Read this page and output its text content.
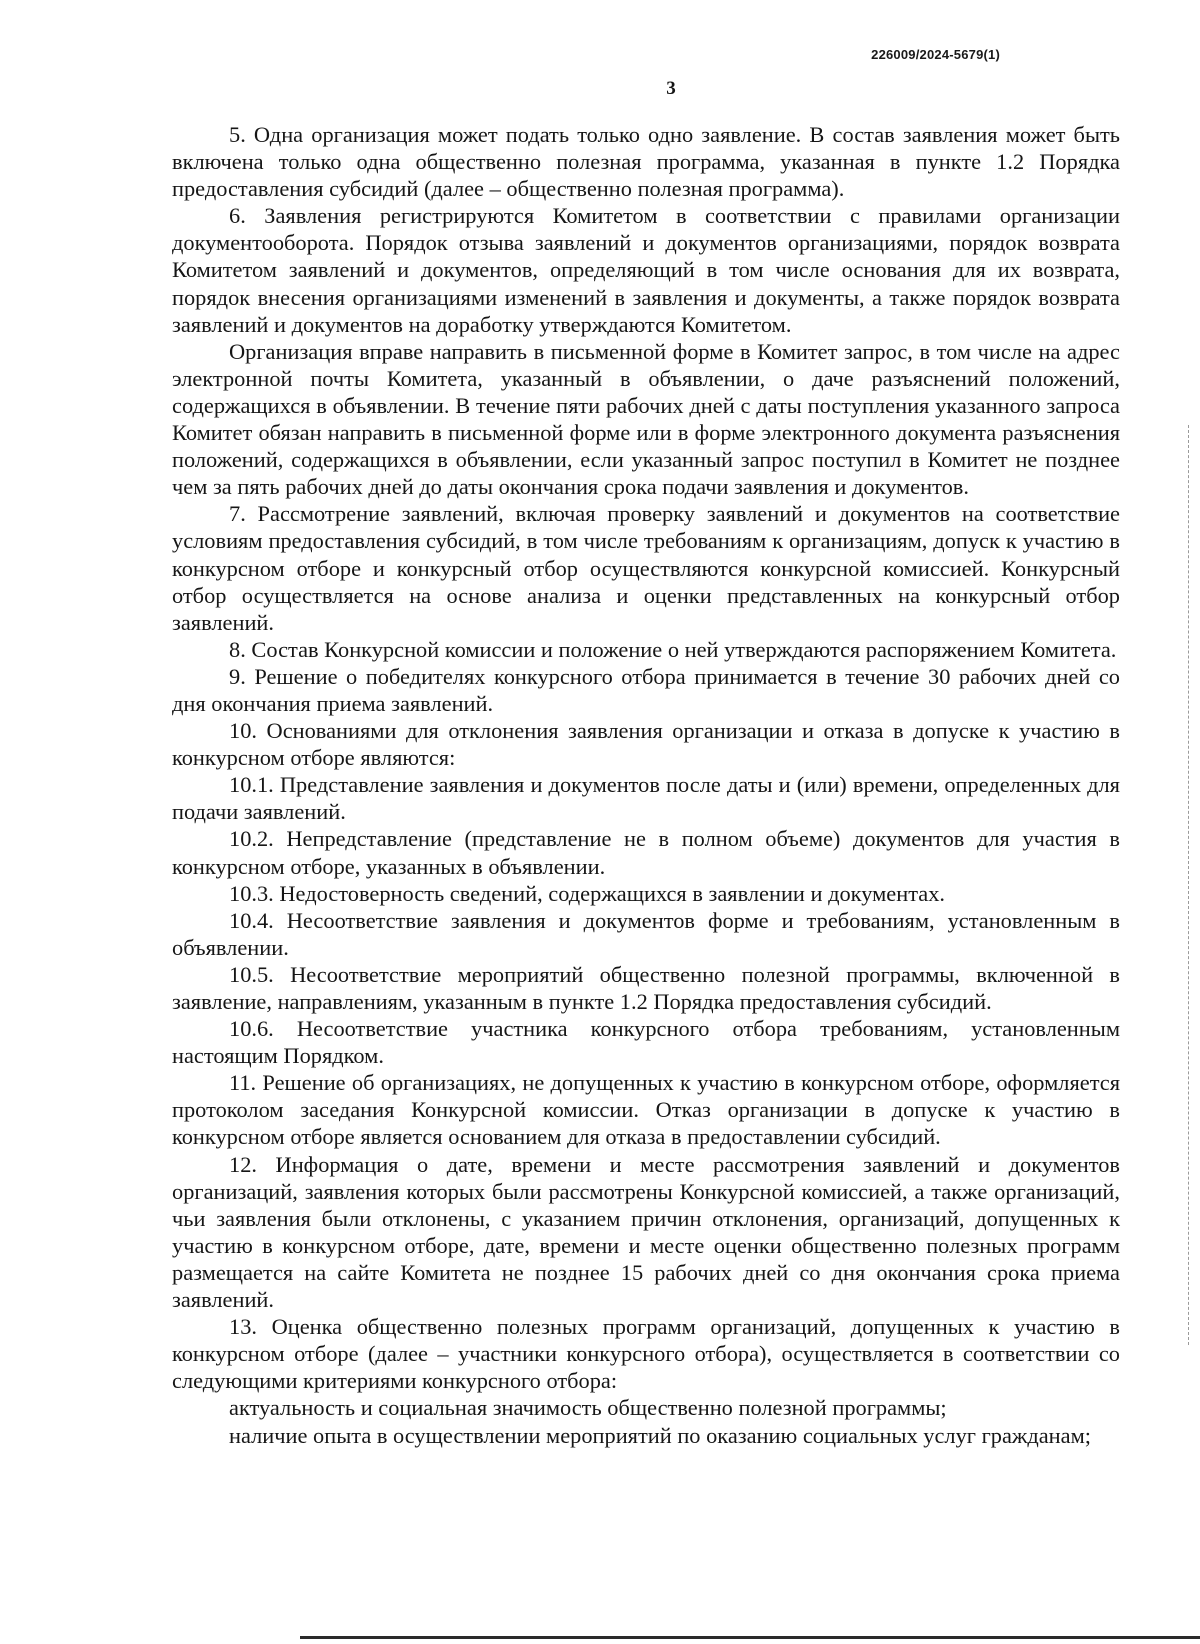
226009/2024-5679(1)
3

5. Одна организация может подать только одно заявление. В состав заявления может быть включена только одна общественно полезная программа, указанная в пункте 1.2 Порядка предоставления субсидий (далее – общественно полезная программа).

6. Заявления регистрируются Комитетом в соответствии с правилами организации документооборота. Порядок отзыва заявлений и документов организациями, порядок возврата Комитетом заявлений и документов, определяющий в том числе основания для их возврата, порядок внесения организациями изменений в заявления и документы, а также порядок возврата заявлений и документов на доработку утверждаются Комитетом.

Организация вправе направить в письменной форме в Комитет запрос, в том числе на адрес электронной почты Комитета, указанный в объявлении, о даче разъяснений положений, содержащихся в объявлении. В течение пяти рабочих дней с даты поступления указанного запроса Комитет обязан направить в письменной форме или в форме электронного документа разъяснения положений, содержащихся в объявлении, если указанный запрос поступил в Комитет не позднее чем за пять рабочих дней до даты окончания срока подачи заявления и документов.

7. Рассмотрение заявлений, включая проверку заявлений и документов на соответствие условиям предоставления субсидий, в том числе требованиям к организациям, допуск к участию в конкурсном отборе и конкурсный отбор осуществляются конкурсной комиссией. Конкурсный отбор осуществляется на основе анализа и оценки представленных на конкурсный отбор заявлений.

8. Состав Конкурсной комиссии и положение о ней утверждаются распоряжением Комитета.

9. Решение о победителях конкурсного отбора принимается в течение 30 рабочих дней со дня окончания приема заявлений.

10. Основаниями для отклонения заявления организации и отказа в допуске к участию в конкурсном отборе являются:

10.1. Представление заявления и документов после даты и (или) времени, определенных для подачи заявлений.

10.2. Непредставление (представление не в полном объеме) документов для участия в конкурсном отборе, указанных в объявлении.

10.3. Недостоверность сведений, содержащихся в заявлении и документах.

10.4. Несоответствие заявления и документов форме и требованиям, установленным в объявлении.

10.5. Несоответствие мероприятий общественно полезной программы, включенной в заявление, направлениям, указанным в пункте 1.2 Порядка предоставления субсидий.

10.6. Несоответствие участника конкурсного отбора требованиям, установленным настоящим Порядком.

11. Решение об организациях, не допущенных к участию в конкурсном отборе, оформляется протоколом заседания Конкурсной комиссии. Отказ организации в допуске к участию в конкурсном отборе является основанием для отказа в предоставлении субсидий.

12. Информация о дате, времени и месте рассмотрения заявлений и документов организаций, заявления которых были рассмотрены Конкурсной комиссией, а также организаций, чьи заявления были отклонены, с указанием причин отклонения, организаций, допущенных к участию в конкурсном отборе, дате, времени и месте оценки общественно полезных программ размещается на сайте Комитета не позднее 15 рабочих дней со дня окончания срока приема заявлений.

13. Оценка общественно полезных программ организаций, допущенных к участию в конкурсном отборе (далее – участники конкурсного отбора), осуществляется в соответствии со следующими критериями конкурсного отбора:

актуальность и социальная значимость общественно полезной программы;

наличие опыта в осуществлении мероприятий по оказанию социальных услуг гражданам;
